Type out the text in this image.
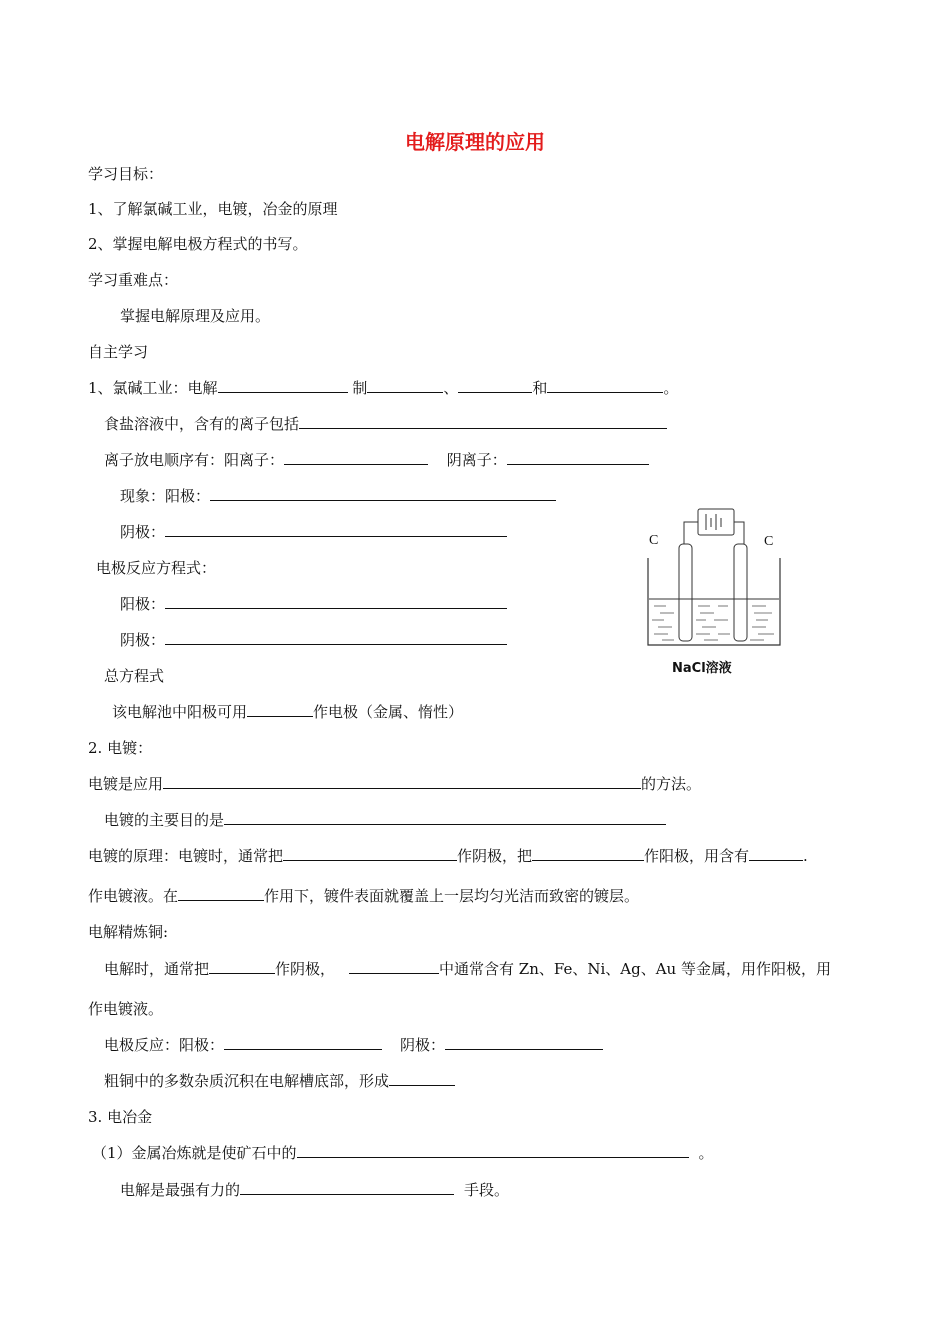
电解原理的应用
学习目标：
1、了解氯碱工业，电镀，冶金的原理
2、掌握电解电极方程式的书写。
学习重难点：
掌握电解原理及应用。
自主学习
1、氯碱工业：电解	制	、	和	。
食盐溶液中，含有的离子包括
离子放电顺序有：阳离子：	阴离子：
现象：阳极：
阴极：
电极反应方程式：
阳极：
阴极：
总方程式
该电解池中阳极可用	作电极（金属、惰性）
C	C
NaCl溶液
2. 电镀：
电镀是应用	的方法。
电镀的主要目的是
电镀的原理：电镀时，通常把	作阴极，把	作阳极，用含有	.
作电镀液。在	作用下，镀件表面就覆盖上一层均匀光洁而致密的镀层。
电解精炼铜:
电解时，通常把	作阴极，	中通常含有 Zn、Fe、Ni、Ag、Au 等金属，用作阳极，用
作电镀液。
电极反应：阳极：	阴极：
粗铜中的多数杂质沉积在电解槽底部，形成
3. 电冶金
（1）金属冶炼就是使矿石中的	。
电解是最强有力的	手段。
